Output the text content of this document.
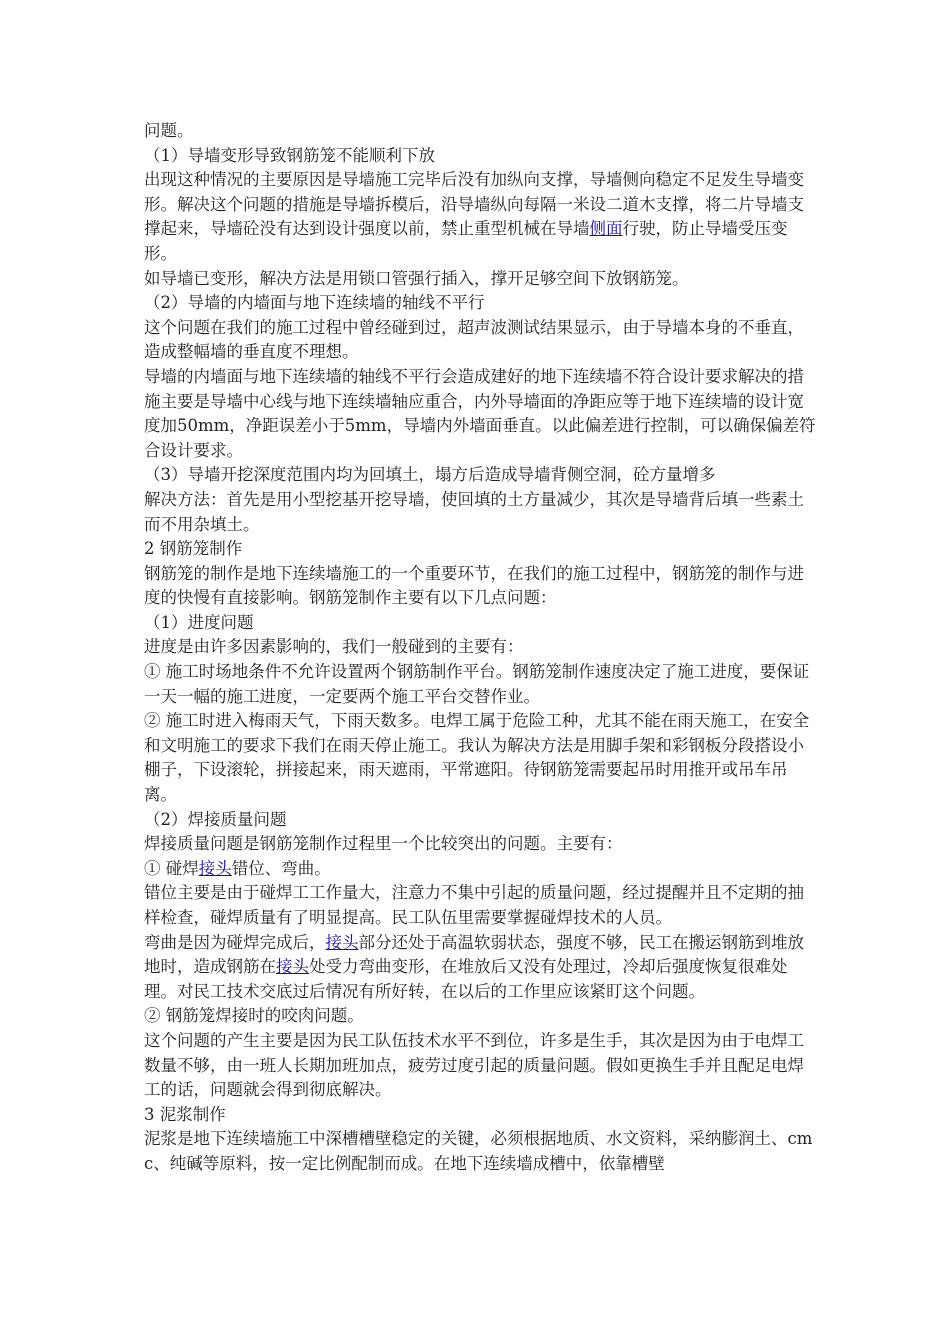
问题。

（1）导墙变形导致钢筋笼不能顺利下放

出现这种情况的主要原因是导墙施工完毕后没有加纵向支撑，导墙侧向稳定不足发生导墙变形。解决这个问题的措施是导墙拆模后，沿导墙纵向每隔一米设二道木支撑，将二片导墙支撑起来，导墙砼没有达到设计强度以前，禁止重型机械在导墙侧面行驶，防止导墙受压变形。

如导墙已变形，解决方法是用锁口管强行插入，撑开足够空间下放钢筋笼。

（2）导墙的内墙面与地下连续墙的轴线不平行

这个问题在我们的施工过程中曾经碰到过，超声波测试结果显示，由于导墙本身的不垂直，造成整幅墙的垂直度不理想。

导墙的内墙面与地下连续墙的轴线不平行会造成建好的地下连续墙不符合设计要求解决的措施主要是导墙中心线与地下连续墙轴应重合，内外导墙面的净距应等于地下连续墙的设计宽度加50mm，净距误差小于5mm，导墙内外墙面垂直。以此偏差进行控制，可以确保偏差符合设计要求。

（3）导墙开挖深度范围内均为回填土，塌方后造成导墙背侧空洞，砼方量增多

解决方法：首先是用小型挖基开挖导墙，使回填的土方量减少，其次是导墙背后填一些素土而不用杂填土。

2 钢筋笼制作

钢筋笼的制作是地下连续墙施工的一个重要环节，在我们的施工过程中，钢筋笼的制作与进度的快慢有直接影响。钢筋笼制作主要有以下几点问题：

（1）进度问题

进度是由许多因素影响的，我们一般碰到的主要有：

① 施工时场地条件不允许设置两个钢筋制作平台。钢筋笼制作速度决定了施工进度，要保证一天一幅的施工进度，一定要两个施工平台交替作业。

② 施工时进入梅雨天气，下雨天数多。电焊工属于危险工种，尤其不能在雨天施工，在安全和文明施工的要求下我们在雨天停止施工。我认为解决方法是用脚手架和彩钢板分段搭设小棚子，下设滚轮，拼接起来，雨天遮雨，平常遮阳。待钢筋笼需要起吊时用推开或吊车吊离。

（2）焊接质量问题

焊接质量问题是钢筋笼制作过程里一个比较突出的问题。主要有：

① 碰焊接头错位、弯曲。

错位主要是由于碰焊工工作量大，注意力不集中引起的质量问题，经过提醒并且不定期的抽样检查，碰焊质量有了明显提高。民工队伍里需要掌握碰焊技术的人员。

弯曲是因为碰焊完成后，接头部分还处于高温软弱状态，强度不够，民工在搬运钢筋到堆放地时，造成钢筋在接头处受力弯曲变形，在堆放后又没有处理过，冷却后强度恢复很难处理。对民工技术交底过后情况有所好转，在以后的工作里应该紧盯这个问题。

② 钢筋笼焊接时的咬肉问题。

这个问题的产生主要是因为民工队伍技术水平不到位，许多是生手，其次是因为由于电焊工数量不够，由一班人长期加班加点，疲劳过度引起的质量问题。假如更换生手并且配足电焊工的话，问题就会得到彻底解决。

3 泥浆制作

泥浆是地下连续墙施工中深槽槽壁稳定的关键，必须根据地质、水文资料，采纳膨润土、cmc、纯碱等原料，按一定比例配制而成。在地下连续墙成槽中，依靠槽壁
